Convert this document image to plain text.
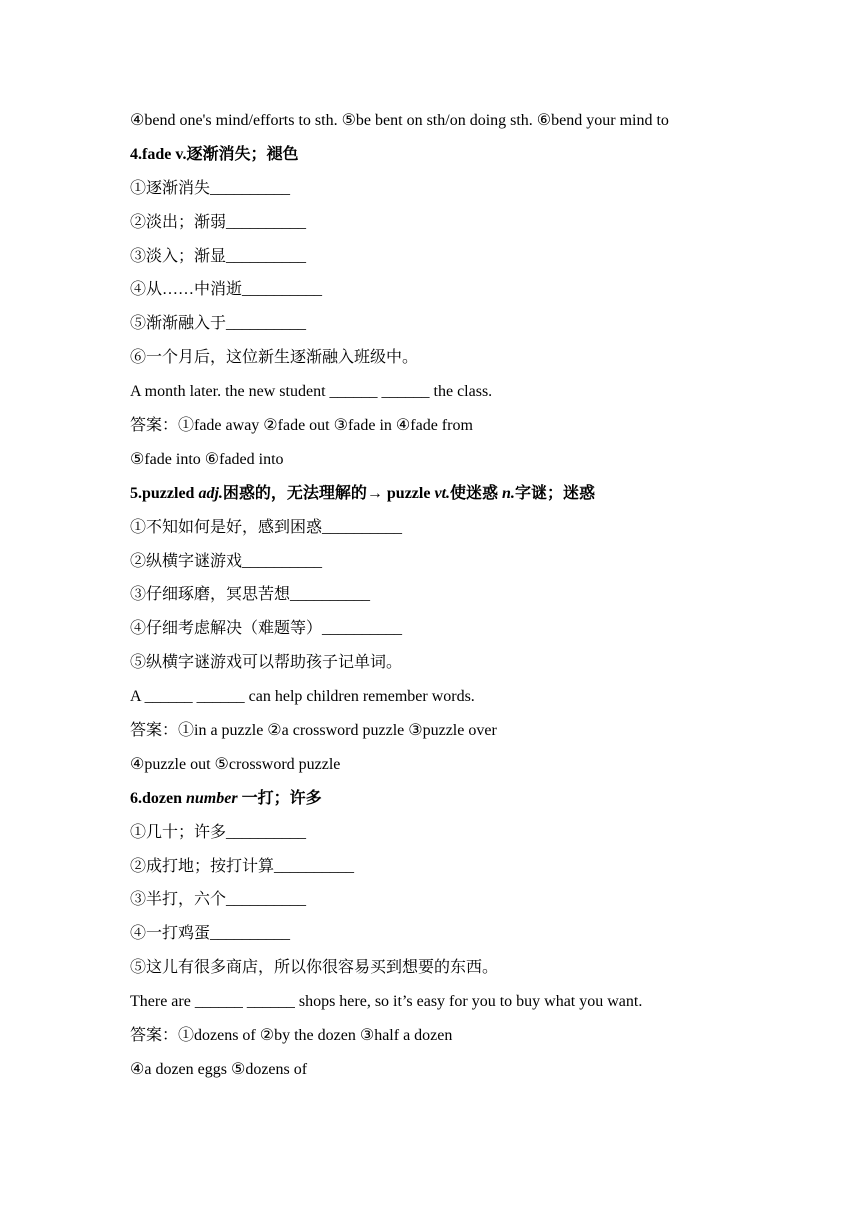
④bend one's mind/efforts to sth. ⑤be bent on sth/on doing sth. ⑥bend your mind to
4.fade v.逐渐消失；褪色
①逐渐消失__________
②淡出；渐弱__________
③淡入；渐显__________
④从……中消逝__________
⑤渐渐融入于__________
⑥一个月后，这位新生逐渐融入班级中。
A month later. the new student ______ ______ the class.
答案：①fade away ②fade out ③fade in ④fade from
⑤fade into ⑥faded into
5.puzzled adj.困惑的，无法理解的→ puzzle vt.使迷惑 n.字谜；迷惑
①不知如何是好，感到困惑__________
②纵横字谜游戏__________
③仔细琢磨，冥思苦想__________
④仔细考虑解决（难题等）__________
⑤纵横字谜游戏可以帮助孩子记单词。
A ______ ______ can help children remember words.
答案：①in a puzzle ②a crossword puzzle ③puzzle over
④puzzle out ⑤crossword puzzle
6.dozen number 一打；许多
①几十；许多__________
②成打地；按打计算__________
③半打，六个__________
④一打鸡蛋__________
⑤这儿有很多商店，所以你很容易买到想要的东西。
There are ______ ______ shops here, so it’s easy for you to buy what you want.
答案：①dozens of ②by the dozen ③half a dozen
④a dozen eggs ⑤dozens of
